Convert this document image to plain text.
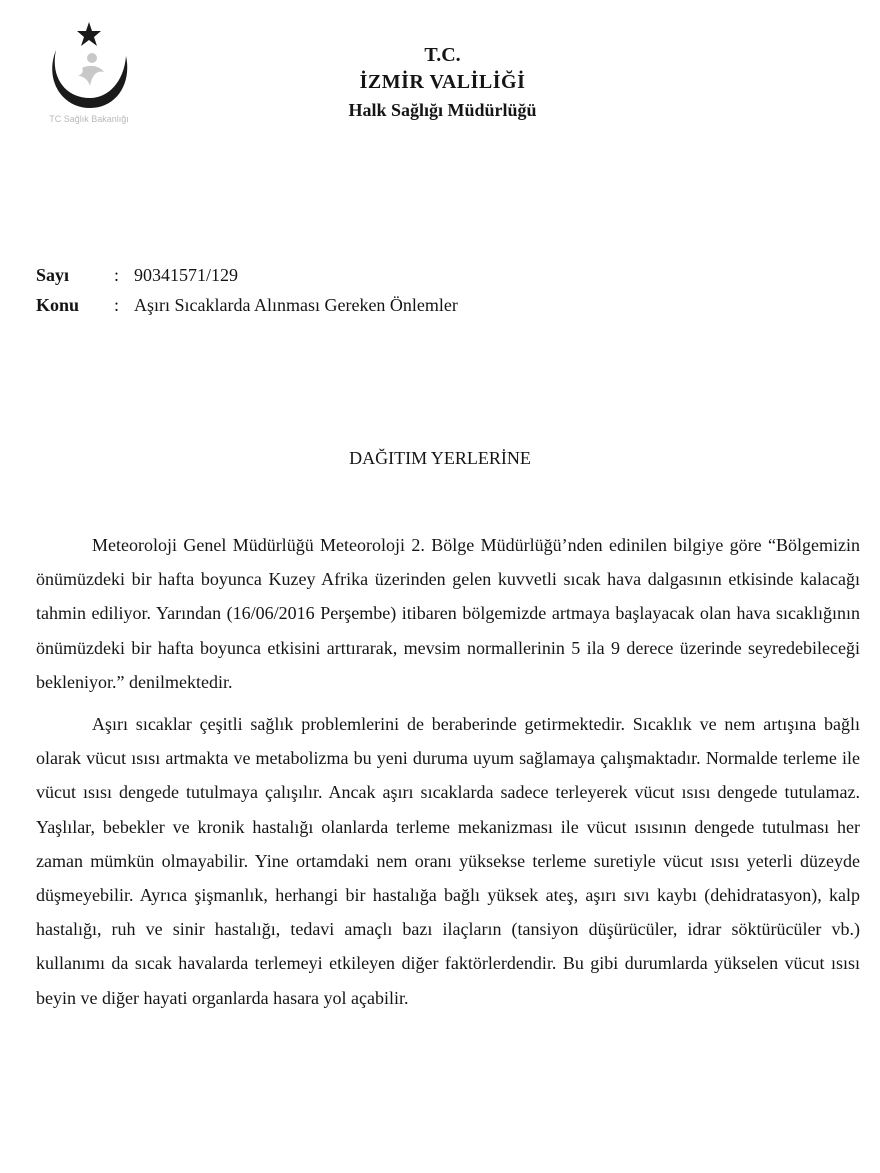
TC Sağlık Bakanlığı
T.C.
İZMİR VALİLİĞİ
Halk Sağlığı Müdürlüğü
Sayı	: 90341571/129
Konu	: Aşırı Sıcaklarda Alınması Gereken Önlemler
DAĞITIM YERLERİNE

Meteoroloji Genel Müdürlüğü Meteoroloji 2. Bölge Müdürlüğü’nden edinilen bilgiye göre “Bölgemizin önümüzdeki bir hafta boyunca Kuzey Afrika üzerinden gelen kuvvetli sıcak hava dalgasının etkisinde kalacağı tahmin ediliyor. Yarından (16/06/2016 Perşembe) itibaren bölgemizde artmaya başlayacak olan hava sıcaklığının önümüzdeki bir hafta boyunca etkisini arttırarak, mevsim normallerinin 5 ila 9 derece üzerinde seyredebileceği bekleniyor.” denilmektedir.

Aşırı sıcaklar çeşitli sağlık problemlerini de beraberinde getirmektedir. Sıcaklık ve nem artışına bağlı olarak vücut ısısı artmakta ve metabolizma bu yeni duruma uyum sağlamaya çalışmaktadır. Normalde terleme ile vücut ısısı dengede tutulmaya çalışılır. Ancak aşırı sıcaklarda sadece terleyerek vücut ısısı dengede tutulamaz. Yaşlılar, bebekler ve kronik hastalığı olanlarda terleme mekanizması ile vücut ısısının dengede tutulması her zaman mümkün olmayabilir. Yine ortamdaki nem oranı yüksekse terleme suretiyle vücut ısısı yeterli düzeyde düşmeyebilir. Ayrıca şişmanlık, herhangi bir hastalığa bağlı yüksek ateş, aşırı sıvı kaybı (dehidratasyon), kalp hastalığı, ruh ve sinir hastalığı, tedavi amaçlı bazı ilaçların (tansiyon düşürücüler, idrar söktürücüler vb.) kullanımı da sıcak havalarda terlemeyi etkileyen diğer faktörlerdendir. Bu gibi durumlarda yükselen vücut ısısı beyin ve diğer hayati organlarda hasara yol açabilir.
